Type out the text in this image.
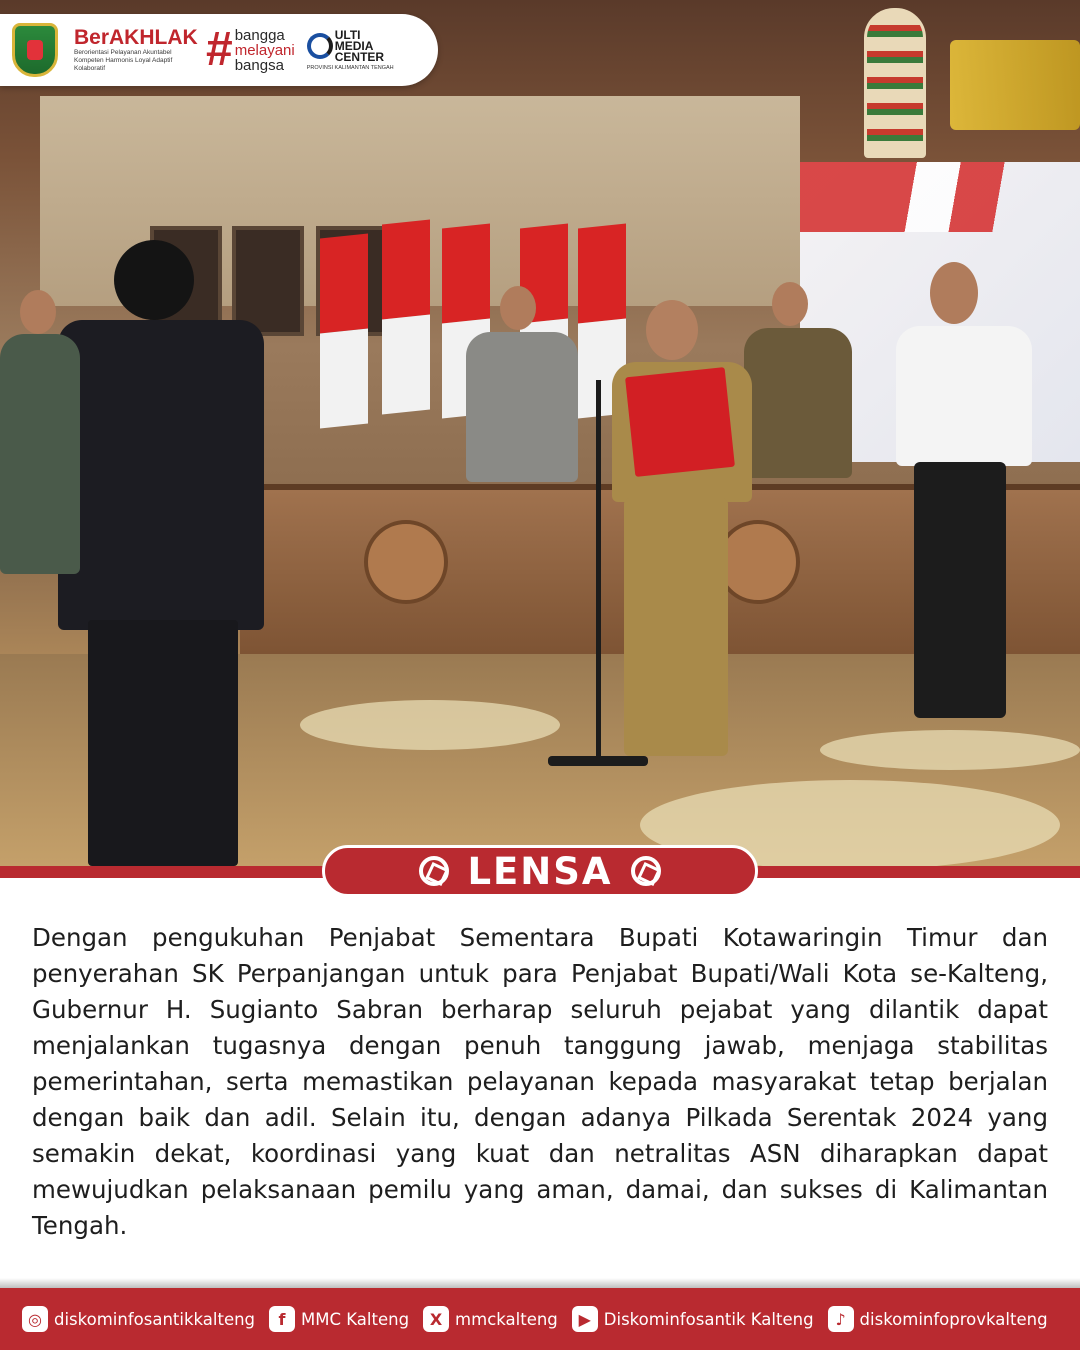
BerAKHLAK
Berorientasi Pelayanan Akuntabel Kompeten Harmonis Loyal Adaptif Kolaboratif	# bangga
melayani
bangsa
ULTI MEDIA CENTER
PROVINSI KALIMANTAN TENGAH
LENSA

Dengan pengukuhan Penjabat Sementara Bupati Kotawaringin Timur dan penyerahan SK Perpanjangan untuk para Penjabat Bupati/Wali Kota se-Kalteng, Gubernur H. Sugianto Sabran berharap seluruh pejabat yang dilantik dapat menjalankan tugasnya dengan penuh tanggung jawab, menjaga stabilitas pemerintahan, serta memastikan pelayanan kepada masyarakat tetap berjalan dengan baik dan adil. Selain itu, dengan adanya Pilkada Serentak 2024 yang semakin dekat, koordinasi yang kuat dan netralitas ASN diharapkan dapat mewujudkan pelaksanaan pemilu yang aman, damai, dan sukses di Kalimantan Tengah.

◎ diskominfosantikkalteng	f MMC Kalteng	X mmckalteng	▶ Diskominfosantik Kalteng	♪ diskominfoprovkalteng
